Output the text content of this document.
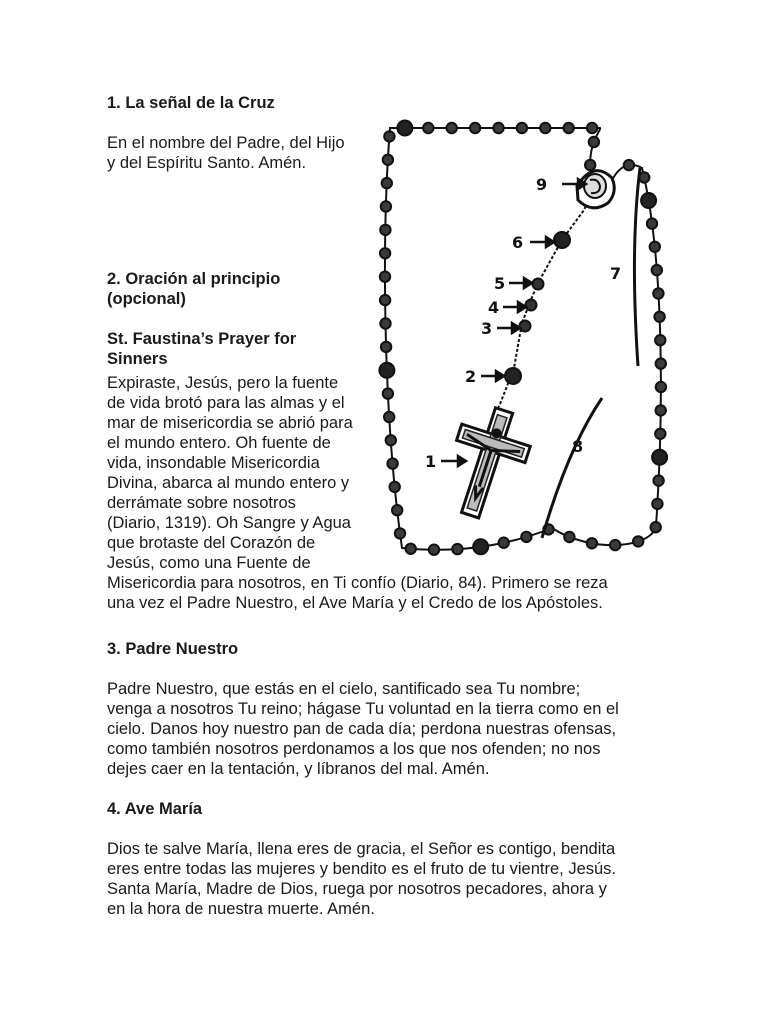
1. La señal de la Cruz
En el nombre del Padre, del Hijo
y del Espíritu Santo. Amén.
2. Oración al principio
(opcional)
St. Faustina’s Prayer for
Sinners
Expiraste, Jesús, pero la fuente
de vida brotó para las almas y el
mar de misericordia se abrió para
el mundo entero. Oh fuente de
vida, insondable Misericordia
Divina, abarca al mundo entero y
derrámate sobre nosotros
(Diario, 1319). Oh Sangre y Agua
que brotaste del Corazón de
Jesús, como una Fuente de
Misericordia para nosotros, en Ti confío (Diario, 84). Primero se reza
una vez el Padre Nuestro, el Ave María y el Credo de los Apóstoles.
3. Padre Nuestro
Padre Nuestro, que estás en el cielo, santificado sea Tu nombre;
venga a nosotros Tu reino; hágase Tu voluntad en la tierra como en el
cielo. Danos hoy nuestro pan de cada día; perdona nuestras ofensas,
como también nosotros perdonamos a los que nos ofenden; no nos
dejes caer en la tentación, y líbranos del mal. Amén.
4. Ave María
Dios te salve María, llena eres de gracia, el Señor es contigo, bendita
eres entre todas las mujeres y bendito es el fruto de tu vientre, Jesús.
Santa María, Madre de Dios, ruega por nosotros pecadores, ahora y
en la hora de nuestra muerte. Amén.
9
6
5
4
3
2
1
7
8
